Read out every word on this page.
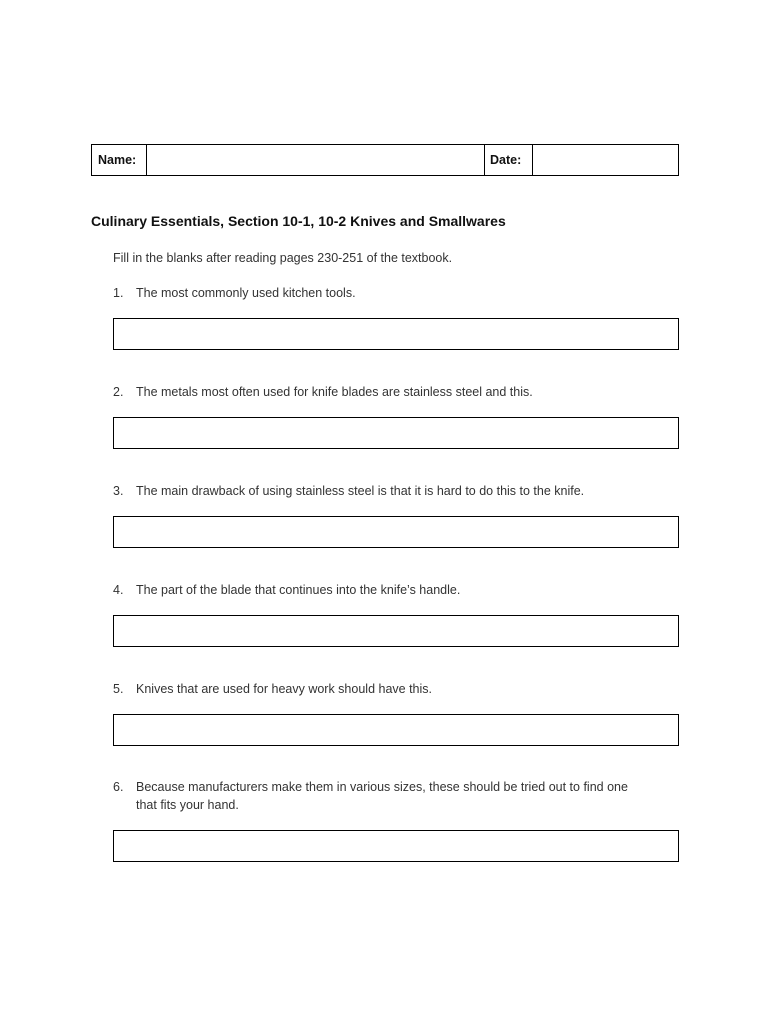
Name:	Date:
Culinary Essentials, Section 10-1, 10-2 Knives and Smallwares
Fill in the blanks after reading pages 230-251 of the textbook.
1.	The most commonly used kitchen tools.
2.	The metals most often used for knife blades are stainless steel and this.
3.	The main drawback of using stainless steel is that it is hard to do this to the knife.
4.	The part of the blade that continues into the knife’s handle.
5.	Knives that are used for heavy work should have this.
6.	Because manufacturers make them in various sizes, these should be tried out to find one that fits your hand.
